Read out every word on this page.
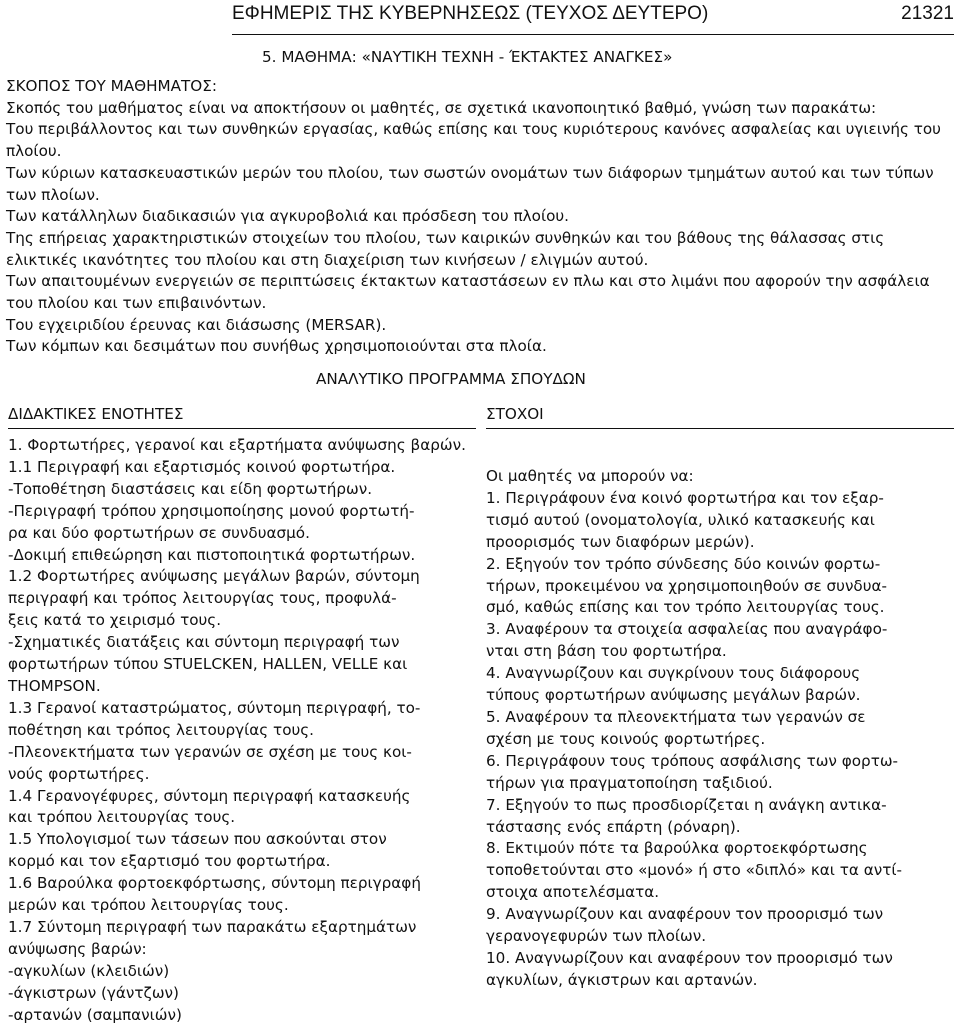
ΕΦΗΜΕΡΙΣ ΤΗΣ ΚΥΒΕΡΝΗΣΕΩΣ (ΤΕΥΧΟΣ ΔΕΥΤΕΡΟ)	21321
5. ΜΑΘΗΜΑ: «ΝΑΥΤΙΚΗ ΤΕΧΝΗ - ΈΚΤΑΚΤΕΣ ΑΝΑΓΚΕΣ»

ΣΚΟΠΟΣ ΤΟΥ ΜΑΘΗΜΑΤΟΣ:

Σκοπός του μαθήματος είναι να αποκτήσουν οι μαθητές, σε σχετικά ικανοποιητικό βαθμό, γνώση των παρακάτω:

Του περιβάλλοντος και των συνθηκών εργασίας, καθώς επίσης και τους κυριότερους κανόνες ασφαλείας και υγιεινής του πλοίου.

Των κύριων κατασκευαστικών μερών του πλοίου, των σωστών ονομάτων των διάφορων τμημάτων αυτού και των τύπων των πλοίων.

Των κατάλληλων διαδικασιών για αγκυροβολιά και πρόσδεση του πλοίου.

Της επήρειας χαρακτηριστικών στοιχείων του πλοίου, των καιρικών συνθηκών και του βάθους της θάλασσας στις ελικτικές ικανότητες του πλοίου και στη διαχείριση των κινήσεων / ελιγμών αυτού.

Των απαιτουμένων ενεργειών σε περιπτώσεις έκτακτων καταστάσεων εν πλω και στο λιμάνι που αφορούν την ασφάλεια του πλοίου και των επιβαινόντων.

Του εγχειριδίου έρευνας και διάσωσης (MERSAR).

Των κόμπων και δεσιμάτων που συνήθως χρησιμοποιούνται στα πλοία.

ΑΝΑΛΥΤΙΚΟ ΠΡΟΓΡΑΜΜΑ ΣΠΟΥΔΩΝ
ΔΙΔΑΚΤΙΚΕΣ ΕΝΟΤΗΤΕΣ	ΣΤΟΧΟΙ
1. Φορτωτήρες, γερανοί και εξαρτήματα ανύψωσης βαρών.
1.1 Περιγραφή και εξαρτισμός κοινού φορτωτήρα.
-Τοποθέτηση διαστάσεις και είδη φορτωτήρων.
-Περιγραφή τρόπου χρησιμοποίησης μονού φορτωτή-
ρα και δύο φορτωτήρων σε συνδυασμό.
-Δοκιμή επιθεώρηση και πιστοποιητικά φορτωτήρων.
1.2 Φορτωτήρες ανύψωσης μεγάλων βαρών, σύντομη
περιγραφή και τρόπος λειτουργίας τους, προφυλά-
ξεις κατά το χειρισμό τους.
-Σχηματικές διατάξεις και σύντομη περιγραφή των
φορτωτήρων τύπου STUELCKEN, HALLEN, VELLE και
THOMPSON.
1.3 Γερανοί καταστρώματος, σύντομη περιγραφή, το-
ποθέτηση και τρόπος λειτουργίας τους.
-Πλεονεκτήματα των γερανών σε σχέση με τους κοι-
νούς φορτωτήρες.
1.4 Γερανογέφυρες, σύντομη περιγραφή κατασκευής
και τρόπου λειτουργίας τους.
1.5 Υπολογισμοί των τάσεων που ασκούνται στον
κορμό και τον εξαρτισμό του φορτωτήρα.
1.6 Βαρούλκα φορτοεκφόρτωσης, σύντομη περιγραφή
μερών και τρόπου λειτουργίας τους.
1.7 Σύντομη περιγραφή των παρακάτω εξαρτημάτων
ανύψωσης βαρών:
-αγκυλίων (κλειδιών)
-άγκιστρων (γάντζων)
-αρτανών (σαμπανιών)
Οι μαθητές να μπορούν να:
1. Περιγράφουν ένα κοινό φορτωτήρα και τον εξαρ-
τισμό αυτού (ονοματολογία, υλικό κατασκευής και
προορισμός των διαφόρων μερών).
2. Εξηγούν τον τρόπο σύνδεσης δύο κοινών φορτω-
τήρων, προκειμένου να χρησιμοποιηθούν σε συνδυα-
σμό, καθώς επίσης και τον τρόπο λειτουργίας τους.
3. Αναφέρουν τα στοιχεία ασφαλείας που αναγράφο-
νται στη βάση του φορτωτήρα.
4. Αναγνωρίζουν και συγκρίνουν τους διάφορους
τύπους φορτωτήρων ανύψωσης μεγάλων βαρών.
5. Αναφέρουν τα πλεονεκτήματα των γερανών σε
σχέση με τους κοινούς φορτωτήρες.
6. Περιγράφουν τους τρόπους ασφάλισης των φορτω-
τήρων για πραγματοποίηση ταξιδιού.
7. Εξηγούν το πως προσδιορίζεται η ανάγκη αντικα-
τάστασης ενός επάρτη (ρόναρη).
8. Εκτιμούν πότε τα βαρούλκα φορτοεκφόρτωσης
τοποθετούνται στο «μονό» ή στο «διπλό» και τα αντί-
στοιχα αποτελέσματα.
9. Αναγνωρίζουν και αναφέρουν τον προορισμό των
γερανογεφυρών των πλοίων.
10. Αναγνωρίζουν και αναφέρουν τον προορισμό των
αγκυλίων, άγκιστρων και αρτανών.
